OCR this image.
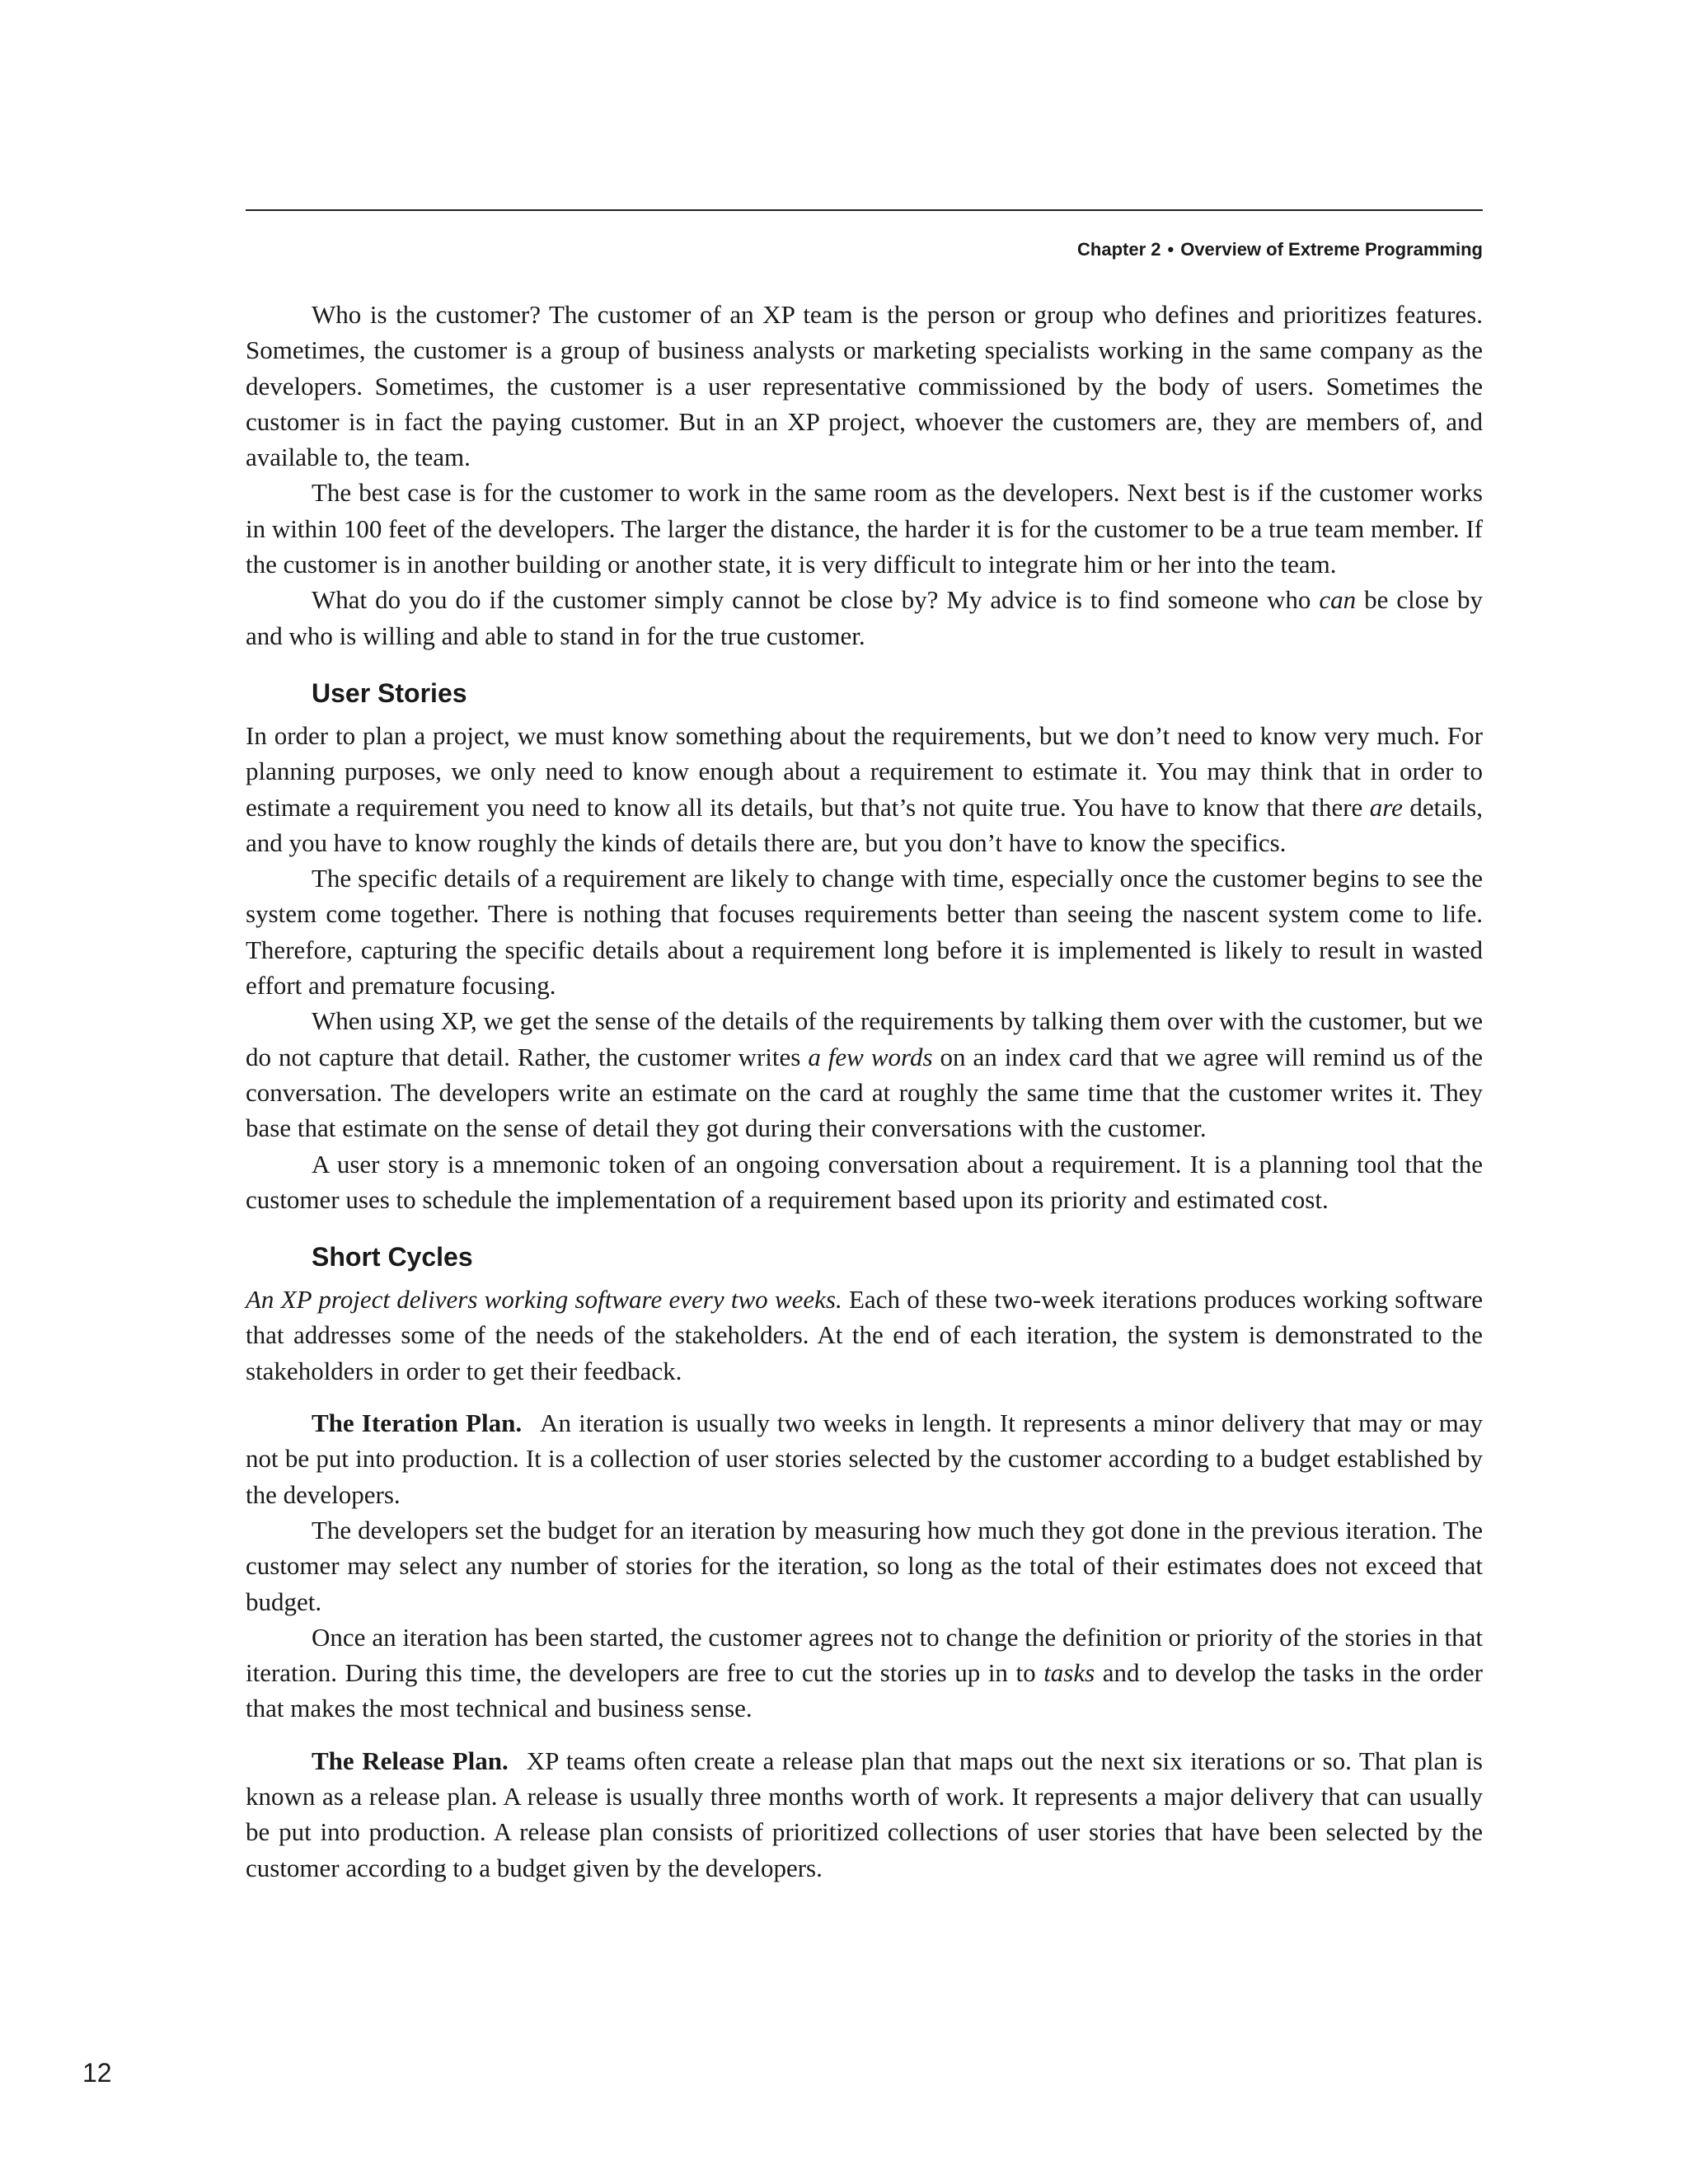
Chapter 2 • Overview of Extreme Programming

Who is the customer? The customer of an XP team is the person or group who defines and prioritizes features. Sometimes, the customer is a group of business analysts or marketing specialists working in the same company as the developers. Sometimes, the customer is a user representative commissioned by the body of users. Sometimes the customer is in fact the paying customer. But in an XP project, whoever the customers are, they are members of, and available to, the team.

The best case is for the customer to work in the same room as the developers. Next best is if the customer works in within 100 feet of the developers. The larger the distance, the harder it is for the customer to be a true team member. If the customer is in another building or another state, it is very difficult to integrate him or her into the team.

What do you do if the customer simply cannot be close by? My advice is to find someone who can be close by and who is willing and able to stand in for the true customer.

User Stories

In order to plan a project, we must know something about the requirements, but we don’t need to know very much. For planning purposes, we only need to know enough about a requirement to estimate it. You may think that in order to estimate a requirement you need to know all its details, but that’s not quite true. You have to know that there are details, and you have to know roughly the kinds of details there are, but you don’t have to know the specifics.

The specific details of a requirement are likely to change with time, especially once the customer begins to see the system come together. There is nothing that focuses requirements better than seeing the nascent system come to life. Therefore, capturing the specific details about a requirement long before it is implemented is likely to result in wasted effort and premature focusing.

When using XP, we get the sense of the details of the requirements by talking them over with the customer, but we do not capture that detail. Rather, the customer writes a few words on an index card that we agree will remind us of the conversation. The developers write an estimate on the card at roughly the same time that the customer writes it. They base that estimate on the sense of detail they got during their conversations with the customer.

A user story is a mnemonic token of an ongoing conversation about a requirement. It is a planning tool that the customer uses to schedule the implementation of a requirement based upon its priority and estimated cost.

Short Cycles

An XP project delivers working software every two weeks. Each of these two-week iterations produces working software that addresses some of the needs of the stakeholders. At the end of each iteration, the system is demonstrated to the stakeholders in order to get their feedback.

The Iteration Plan. An iteration is usually two weeks in length. It represents a minor delivery that may or may not be put into production. It is a collection of user stories selected by the customer according to a budget established by the developers.

The developers set the budget for an iteration by measuring how much they got done in the previous iteration. The customer may select any number of stories for the iteration, so long as the total of their estimates does not exceed that budget.

Once an iteration has been started, the customer agrees not to change the definition or priority of the stories in that iteration. During this time, the developers are free to cut the stories up in to tasks and to develop the tasks in the order that makes the most technical and business sense.

The Release Plan. XP teams often create a release plan that maps out the next six iterations or so. That plan is known as a release plan. A release is usually three months worth of work. It represents a major delivery that can usually be put into production. A release plan consists of prioritized collections of user stories that have been selected by the customer according to a budget given by the developers.

12
